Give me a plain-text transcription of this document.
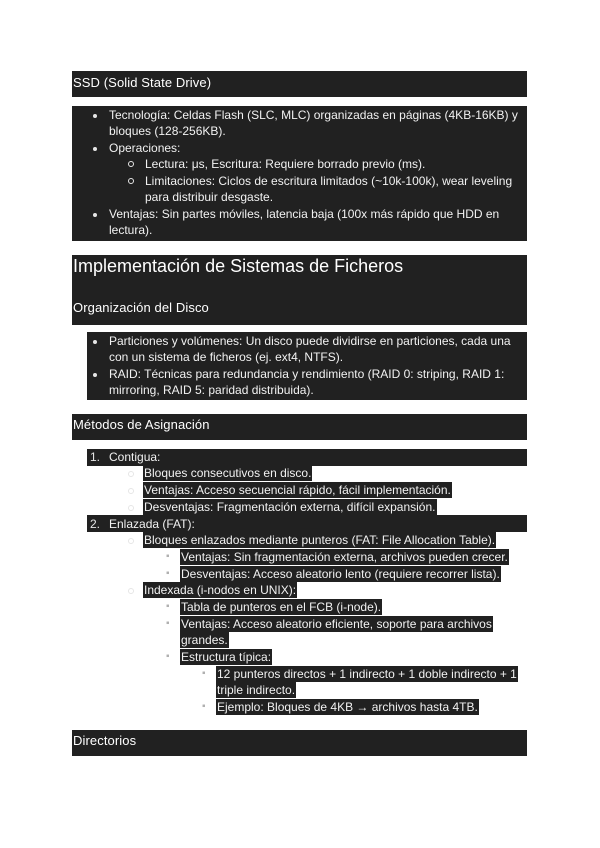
SSD (Solid State Drive)
Tecnología: Celdas Flash (SLC, MLC) organizadas en páginas (4KB-16KB) y
bloques (128-256KB).
Operaciones:
Lectura: μs, Escritura: Requiere borrado previo (ms).
Limitaciones: Ciclos de escritura limitados (~10k-100k), wear leveling
para distribuir desgaste.
Ventajas: Sin partes móviles, latencia baja (100x más rápido que HDD en
lectura).
Implementación de Sistemas de Ficheros
Organización del Disco
Particiones y volúmenes: Un disco puede dividirse en particiones, cada una
con un sistema de ficheros (ej. ext4, NTFS).
RAID: Técnicas para redundancia y rendimiento (RAID 0: striping, RAID 1:
mirroring, RAID 5: paridad distribuida).
Métodos de Asignación
1. Contigua:
Bloques consecutivos en disco.
Ventajas: Acceso secuencial rápido, fácil implementación.
Desventajas: Fragmentación externa, difícil expansión.
2. Enlazada (FAT):
Bloques enlazados mediante punteros (FAT: File Allocation Table).
▪ Ventajas: Sin fragmentación externa, archivos pueden crecer.
▪ Desventajas: Acceso aleatorio lento (requiere recorrer lista).
Indexada (i-nodos en UNIX):
▪ Tabla de punteros en el FCB (i-node).
▪ Ventajas: Acceso aleatorio eficiente, soporte para archivos
grandes.
▪ Estructura típica:
▪ 12 punteros directos + 1 indirecto + 1 doble indirecto + 1
triple indirecto.
▪ Ejemplo: Bloques de 4KB → archivos hasta 4TB.
Directorios
